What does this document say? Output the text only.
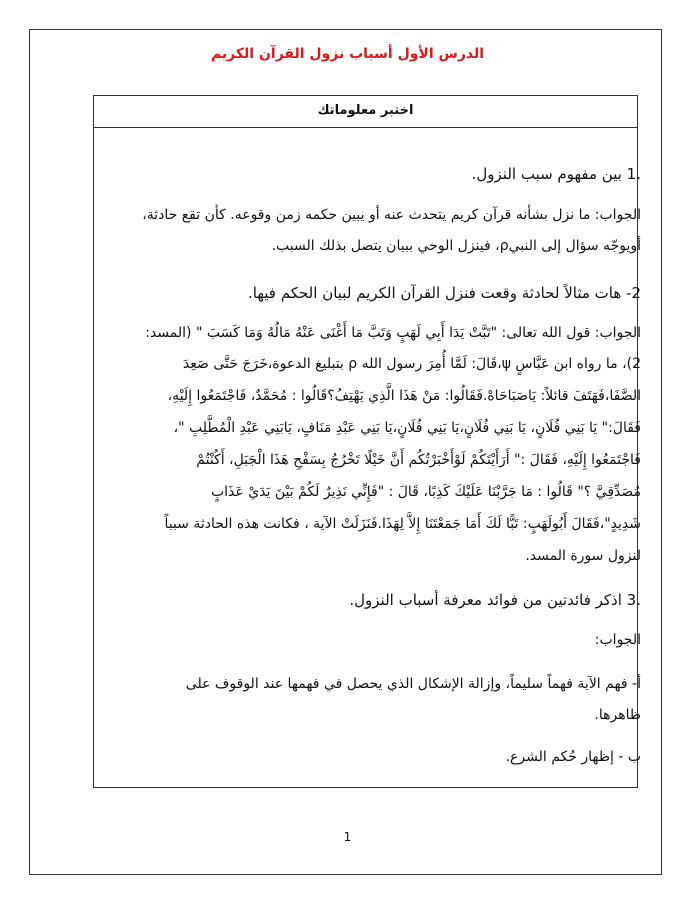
الدرس الأول أسباب نزول القرآن الكريم
اختبر معلوماتك
.1 بين مفهوم سبب النزول.
الجواب: ما نزل بشأنه قرآن كريم يتحدث عنه أو يبين حكمه زمن وقوعه. كأن تقع حادثة،
أويوجّه سؤال إلى النبيρ، فينزل الوحي ببيان يتصل بذلك السبب.
2- هات مثالاً لحادثة وقعت فنزل القرآن الكريم لبيان الحكم فيها.
الجواب: قول الله تعالى: "تَبَّتْ يَدَا أَبِي لَهَبٍ وَتَبَّ مَا أَغْنَى عَنْهُ مَالُهُ وَمَا كَسَبَ " (المسد:
2)، ما رواه ابن عَبَّاسٍ ψ،قَالَ: لَمَّا أُمِرَ رسول الله ρ بتبليغ الدعوة،خَرَجَ حَتَّى صَعِدَ
الصَّفَا،فَهَتَفَ قائلاً: يَاصَبَاحَاهْ.فَقَالُوا: مَنْ هَذَا الَّذِي يَهْتِفُ؟قَالُوا : مُحَمَّدٌ، فَاجْتَمَعُوا إِلَيْهِ،
فَقَالَ:" يَا بَنِي فُلَانٍ، يَا بَنِي فُلَانٍ،يَا بَنِي فُلَانٍ،يَا بَنِي عَبْدِ مَنَافٍ، يَابَنِي عَبْدِ الْمُطَّلِبِ "،
فَاجْتَمَعُوا إِلَيْهِ، فَقَالَ :" أَرَأَيْتَكُمْ لَوْأَخْبَرْتُكُم أَنَّ خَيْلًا تَخْرُجُ بِسَفْحِ هَذَا الْجَبَلِ، أَكُنْتُمْ
مُصَدِّقِيَّ ؟" قَالُوا : مَا جَرَّبْنَا عَلَيْكَ كَذِبًا، قَالَ : "فَإِنِّي نَذِيرٌ لَكُمْ بَيْنَ يَدَيْ عَذَابٍ
شَدِيدٍ"،فَقَالَ أَبُولَهَبٍ: تَبًّا لَكَ أَمَا جَمَعْتَنَا إِلاَّ لِهَذَا.فَنَزَلَتْ الآية ، فكانت هذه الحادثة سبباً
لنزول سورة المسد.
.3 اذكر فائدتين من فوائد معرفة أسباب النزول.
الجواب:
أ- فهم الآية فهماً سليماً، وإزالة الإشكال الذي يحصل في فهمها عند الوقوف على
ظاهرها.
ب - إظهار حُكم الشرع.
1
